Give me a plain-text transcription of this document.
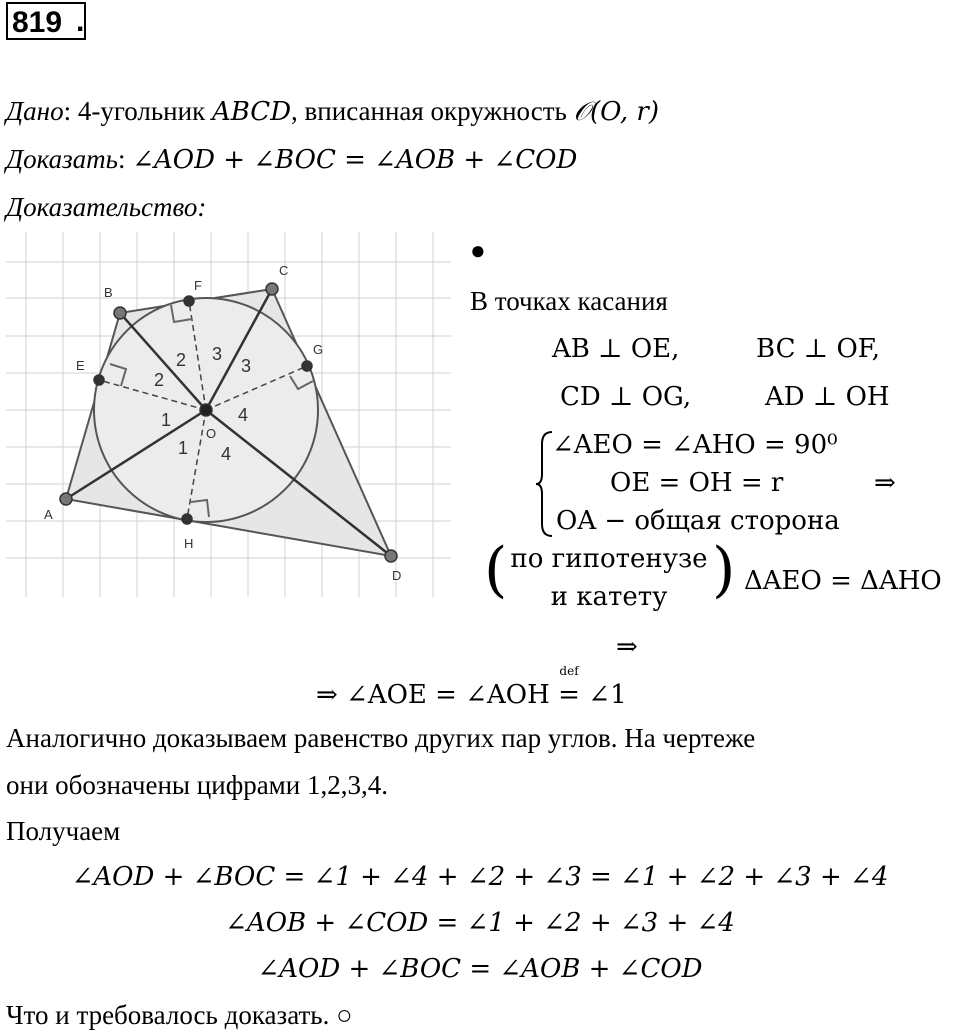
819 .
Дано: 4-угольник ABCD, вписанная окружность 𝒪(O, r)
Доказать: ∠AOD + ∠BOC = ∠AOB + ∠COD
Доказательство:
A
B
C
D
E
F
G
H
O
1
2
2 3
3
4
1 4
●
В точках касания
AB ⊥ OE,	BC ⊥ OF,
CD ⊥ OG,	AD ⊥ OH
∠AEO = ∠AHO = 90⁰
OE = OH = r
OA − общая сторона
⇒
( по гипотенузе
и катету ) ΔAEO = ΔAHO
⇒
⇒ ∠AOE = ∠AOH
def
= ∠1
Аналогично доказываем равенство других пар углов. На чертеже
они обозначены цифрами 1,2,3,4.
Получаем
∠AOD + ∠BOC = ∠1 + ∠4 + ∠2 + ∠3 = ∠1 + ∠2 + ∠3 + ∠4
∠AOB + ∠COD = ∠1 + ∠2 + ∠3 + ∠4
∠AOD + ∠BOC = ∠AOB + ∠COD
Что и требовалось доказать. ○
